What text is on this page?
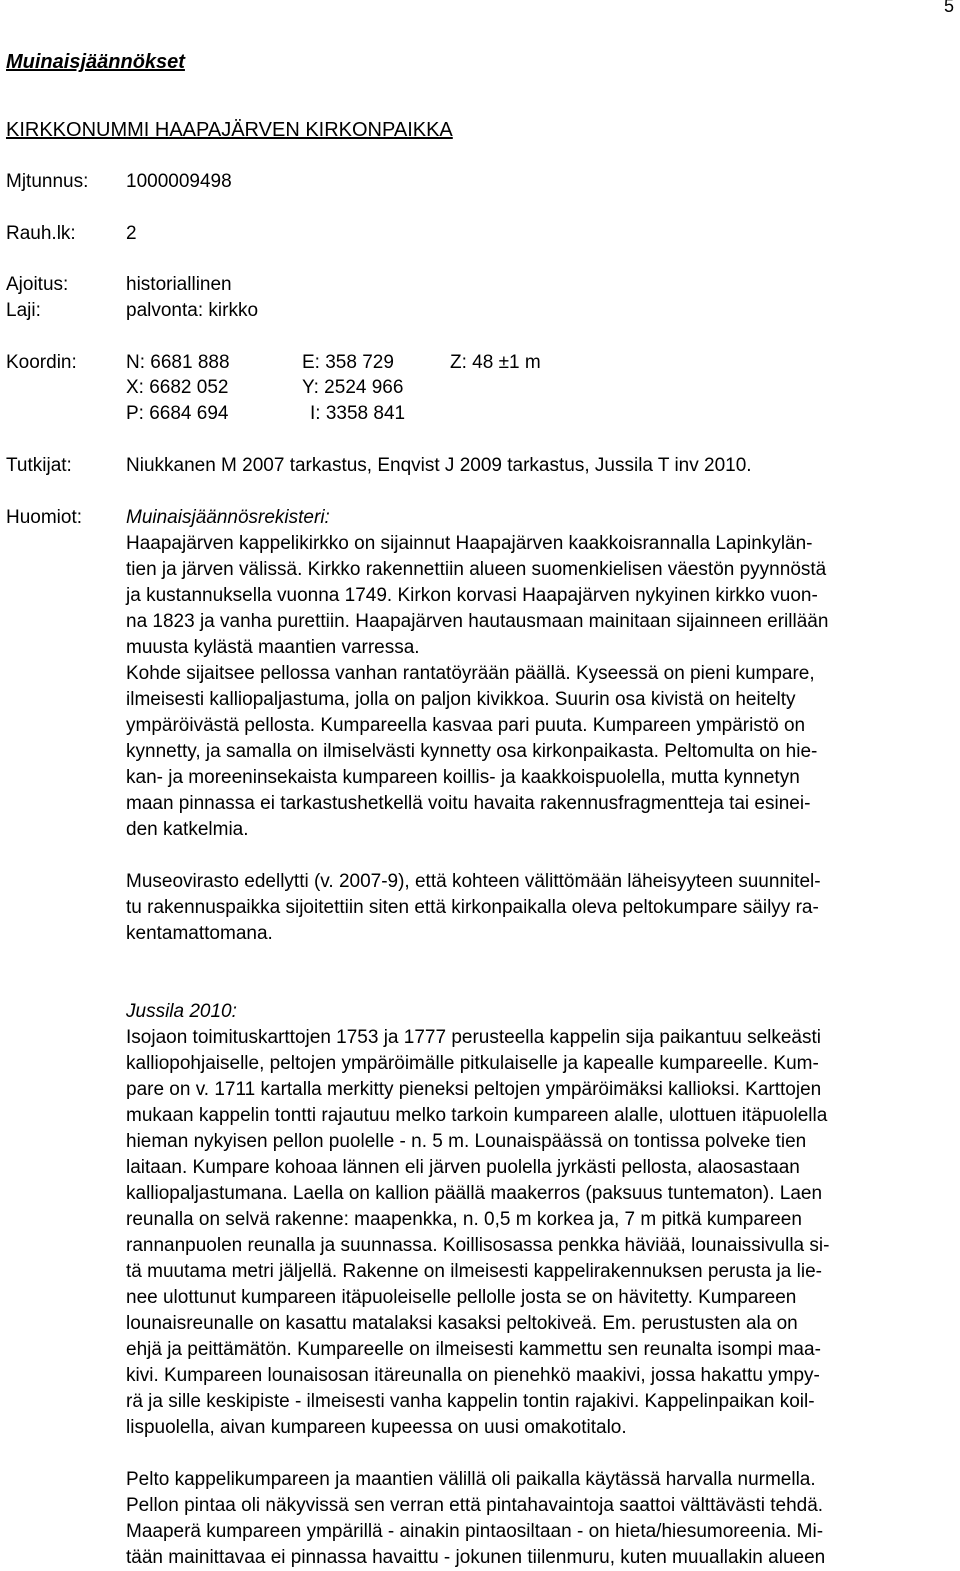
5
Muinaisjäännökset
KIRKKONUMMI HAAPAJÄRVEN KIRKONPAIKKA
Mjtunnus: 1000009498
Rauh.lk:	2
Ajoitus:	historiallinen
Laji:	palvonta: kirkko
Koordin:	N: 6681 888	E: 358 729	Z: 48 ±1 m
X: 6682 052	Y: 2524 966
P: 6684 694	I: 3358 841
Tutkijat:	Niukkanen M 2007 tarkastus, Enqvist J 2009 tarkastus, Jussila T inv 2010.
Huomiot: Muinaisjäännösrekisteri:
Haapajärven kappelikirkko on sijainnut Haapajärven kaakkoisrannalla Lapinkylän-
tien ja järven välissä. Kirkko rakennettiin alueen suomenkielisen väestön pyynnöstä
ja kustannuksella vuonna 1749. Kirkon korvasi Haapajärven nykyinen kirkko vuon-
na 1823 ja vanha purettiin. Haapajärven hautausmaan mainitaan sijainneen erillään
muusta kylästä maantien varressa.
Kohde sijaitsee pellossa vanhan rantatöyrään päällä. Kyseessä on pieni kumpare,
ilmeisesti kalliopaljastuma, jolla on paljon kivikkoa. Suurin osa kivistä on heitelty
ympäröivästä pellosta. Kumpareella kasvaa pari puuta. Kumpareen ympäristö on
kynnetty, ja samalla on ilmiselvästi kynnetty osa kirkonpaikasta. Peltomulta on hie-
kan- ja moreeninsekaista kumpareen koillis- ja kaakkoispuolella, mutta kynnetyn
maan pinnassa ei tarkastushetkellä voitu havaita rakennusfragmentteja tai esinei-
den katkelmia.
Museovirasto edellytti (v. 2007-9), että kohteen välittömään läheisyyteen suunnitel-
tu rakennuspaikka sijoitettiin siten että kirkonpaikalla oleva peltokumpare säilyy ra-
kentamattomana.
Jussila 2010:
Isojaon toimituskarttojen 1753 ja 1777 perusteella kappelin sija paikantuu selkeästi
kalliopohjaiselle, peltojen ympäröimälle pitkulaiselle ja kapealle kumpareelle. Kum-
pare on v. 1711 kartalla merkitty pieneksi peltojen ympäröimäksi kallioksi. Karttojen
mukaan kappelin tontti rajautuu melko tarkoin kumpareen alalle, ulottuen itäpuolella
hieman nykyisen pellon puolelle - n. 5 m. Lounaispäässä on tontissa polveke tien
laitaan. Kumpare kohoaa lännen eli järven puolella jyrkästi pellosta, alaosastaan
kalliopaljastumana. Laella on kallion päällä maakerros (paksuus tuntematon). Laen
reunalla on selvä rakenne: maapenkka, n. 0,5 m korkea ja, 7 m pitkä kumpareen
rannanpuolen reunalla ja suunnassa. Koillisosassa penkka häviää, lounaissivulla si-
tä muutama metri jäljellä. Rakenne on ilmeisesti kappelirakennuksen perusta ja lie-
nee ulottunut kumpareen itäpuoleiselle pellolle josta se on hävitetty. Kumpareen
lounaisreunalle on kasattu matalaksi kasaksi peltokiveä. Em. perustusten ala on
ehjä ja peittämätön. Kumpareelle on ilmeisesti kammettu sen reunalta isompi maa-
kivi. Kumpareen lounaisosan itäreunalla on pienehkö maakivi, jossa hakattu ympy-
rä ja sille keskipiste - ilmeisesti vanha kappelin tontin rajakivi. Kappelinpaikan koil-
lispuolella, aivan kumpareen kupeessa on uusi omakotitalo.
Pelto kappelikumpareen ja maantien välillä oli paikalla käytässä harvalla nurmella.
Pellon pintaa oli näkyvissä sen verran että pintahavaintoja saattoi välttävästi tehdä.
Maaperä kumpareen ympärillä - ainakin pintaosiltaan - on hieta/hiesumoreenia. Mi-
tään mainittavaa ei pinnassa havaittu - jokunen tiilenmuru, kuten muuallakin alueen
